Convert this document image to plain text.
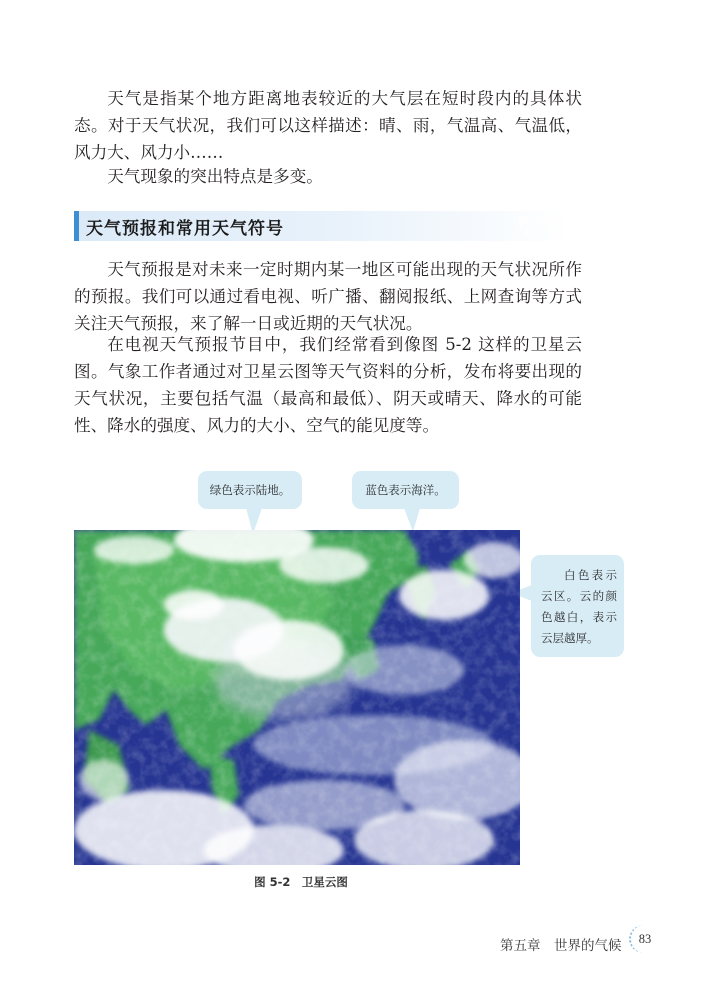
天气是指某个地方距离地表较近的大气层在短时段内的具体状态。对于天气状况，我们可以这样描述：晴、雨，气温高、气温低，风力大、风力小……

天气现象的突出特点是多变。

天气预报和常用天气符号

天气预报是对未来一定时期内某一地区可能出现的天气状况所作的预报。我们可以通过看电视、听广播、翻阅报纸、上网查询等方式关注天气预报，来了解一日或近期的天气状况。

在电视天气预报节目中，我们经常看到像图 5-2 这样的卫星云图。气象工作者通过对卫星云图等天气资料的分析，发布将要出现的天气状况，主要包括气温（最高和最低）、阴天或晴天、降水的可能性、降水的强度、风力的大小、空气的能见度等。

绿色表示陆地。	蓝色表示海洋。
白色表示云区。云的颜色越白，表示云层越厚。
图 5-2　卫星云图
第五章　世界的气候	83
